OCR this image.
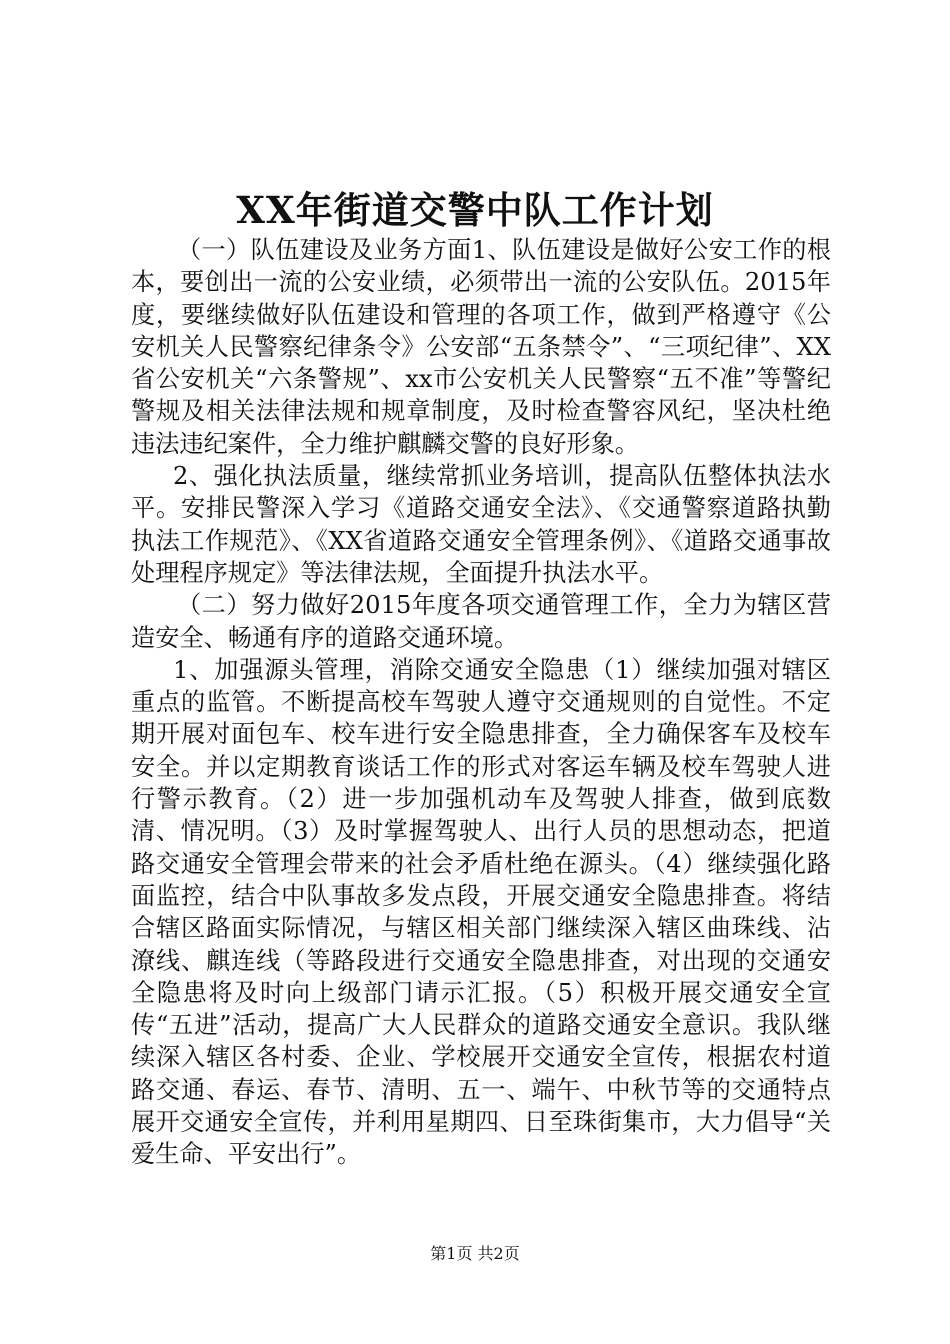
XX年街道交警中队工作计划

（一）队伍建设及业务方面1、队伍建设是做好公安工作的根本，要创出一流的公安业绩，必须带出一流的公安队伍。2015年度，要继续做好队伍建设和管理的各项工作，做到严格遵守《公安机关人民警察纪律条令》公安部“五条禁令”、“三项纪律”、XX省公安机关“六条警规”、xx市公安机关人民警察“五不准”等警纪警规及相关法律法规和规章制度，及时检查警容风纪，坚决杜绝违法违纪案件，全力维护麒麟交警的良好形象。

2、强化执法质量，继续常抓业务培训，提高队伍整体执法水平。安排民警深入学习《道路交通安全法》、《交通警察道路执勤执法工作规范》、《XX省道路交通安全管理条例》、《道路交通事故处理程序规定》等法律法规，全面提升执法水平。

（二）努力做好2015年度各项交通管理工作，全力为辖区营造安全、畅通有序的道路交通环境。

1、加强源头管理，消除交通安全隐患（1）继续加强对辖区重点的监管。不断提高校车驾驶人遵守交通规则的自觉性。不定期开展对面包车、校车进行安全隐患排查，全力确保客车及校车安全。并以定期教育谈话工作的形式对客运车辆及校车驾驶人进行警示教育。（2）进一步加强机动车及驾驶人排查，做到底数清、情况明。（3）及时掌握驾驶人、出行人员的思想动态，把道路交通安全管理会带来的社会矛盾杜绝在源头。（4）继续强化路面监控，结合中队事故多发点段，开展交通安全隐患排查。将结合辖区路面实际情况，与辖区相关部门继续深入辖区曲珠线、沾潦线、麒连线（等路段进行交通安全隐患排查，对出现的交通安全隐患将及时向上级部门请示汇报。（5）积极开展交通安全宣传“五进”活动，提高广大人民群众的道路交通安全意识。我队继续深入辖区各村委、企业、学校展开交通安全宣传，根据农村道路交通、春运、春节、清明、五一、端午、中秋节等的交通特点展开交通安全宣传，并利用星期四、日至珠街集市，大力倡导“关爱生命、平安出行”。

第1页 共2页
